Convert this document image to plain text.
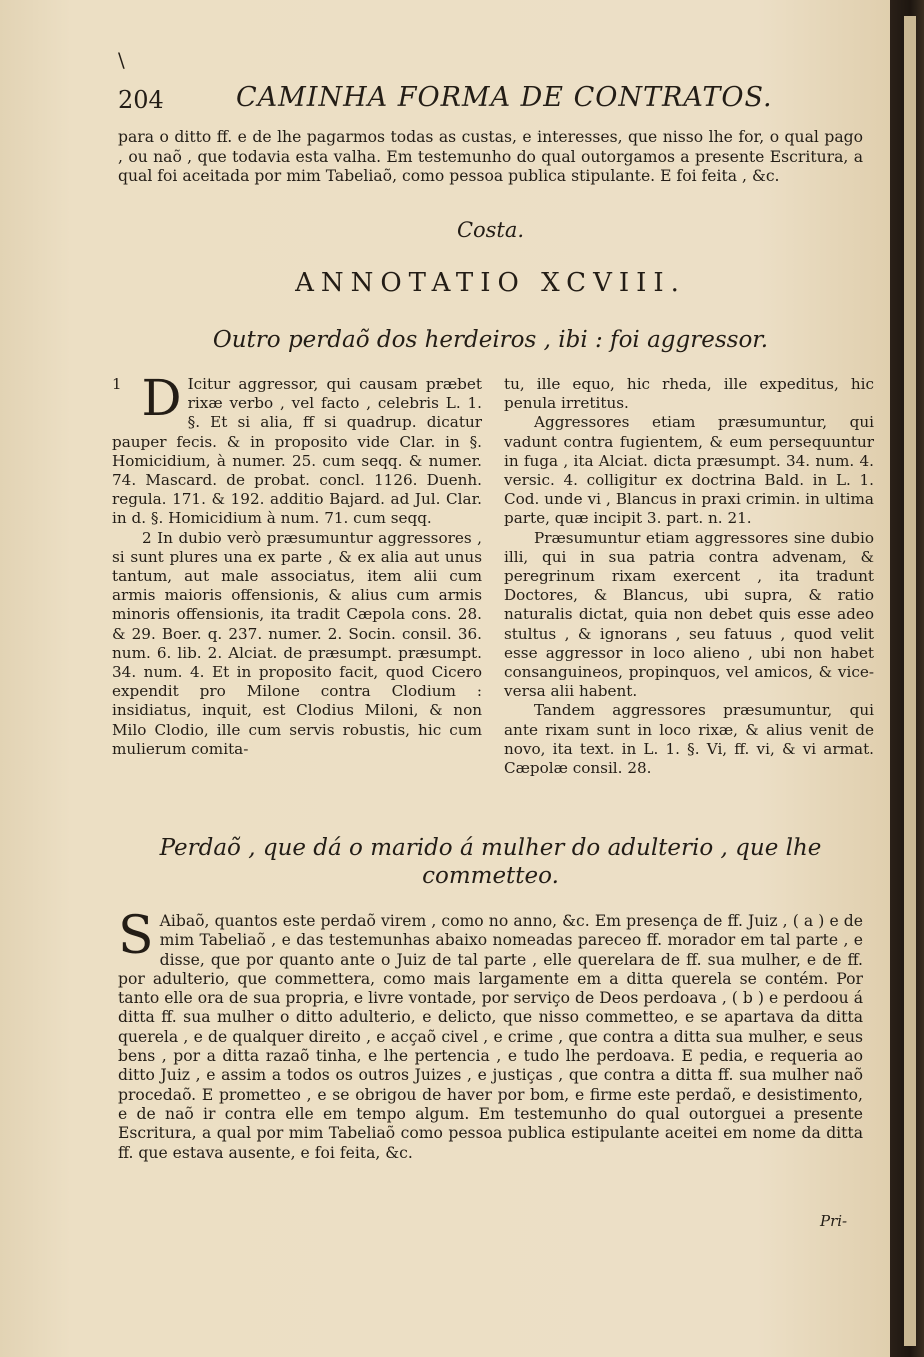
204	CAMINHA FORMA DE CONTRATOS.
\

para o ditto ff. e de lhe pagarmos todas as custas, e interesses, que nisso lhe for, o qual pago , ou naõ , que todavia esta valha. Em testemunho do qual outorgamos a presente Escritura, a qual foi aceitada por mim Tabeliaõ, como pessoa publica stipulante. E foi feita , &c.

Costa.
ANNOTATIO XCVIII.
Outro perdaõ dos herdeiros , ibi : foi aggressor.

1 D Icitur aggressor, qui causam præbet rixæ verbo , vel facto , celebris L. 1. §. Et si alia, ff si quadrup. dicatur pauper fecis. & in proposito vide Clar. in §. Homicidium, à numer. 25. cum seqq. & numer. 74. Mascard. de probat. concl. 1126. Duenh. regula. 171. & 192. additio Bajard. ad Jul. Clar. in d. §. Homicidium à num. 71. cum seqq.

2 In dubio verò præsumuntur aggressores , si sunt plures una ex parte , & ex alia aut unus tantum, aut male associatus, item alii cum armis maioris offensionis, & alius cum armis minoris offensionis, ita tradit Cæpola cons. 28. & 29. Boer. q. 237. numer. 2. Socin. consil. 36. num. 6. lib. 2. Alciat. de præsumpt. præsumpt. 34. num. 4. Et in proposito facit, quod Cicero expendit pro Milone contra Clodium : insidiatus, inquit, est Clodius Miloni, & non Milo Clodio, ille cum servis robustis, hic cum mulierum comita-

tu, ille equo, hic rheda, ille expeditus, hic penula irretitus.

Aggressores etiam præsumuntur, qui vadunt contra fugientem, & eum persequuntur in fuga , ita Alciat. dicta præsumpt. 34. num. 4. versic. 4. colligitur ex doctrina Bald. in L. 1. Cod. unde vi , Blancus in praxi crimin. in ultima parte, quæ incipit 3. part. n. 21.

Præsumuntur etiam aggressores sine dubio illi, qui in sua patria contra advenam, & peregrinum rixam exercent , ita tradunt Doctores, & Blancus, ubi supra, & ratio naturalis dictat, quia non debet quis esse adeo stultus , & ignorans , seu fatuus , quod velit esse aggressor in loco alieno , ubi non habet consanguineos, propinquos, vel amicos, & vice-versa alii habent.

Tandem aggressores præsumuntur, qui ante rixam sunt in loco rixæ, & alius venit de novo, ita text. in L. 1. §. Vi, ff. vi, & vi armat. Cæpolæ consil. 28.

Perdaõ , que dá o marido á mulher do adulterio , que lhe commetteo.
S Aibaõ, quantos este perdaõ virem , como no anno, &c. Em presença de ff. Juiz , ( a ) e de mim Tabeliaõ , e das testemunhas abaixo nomeadas pareceo ff. morador em tal parte , e disse, que por quanto ante o Juiz de tal parte , elle querelara de ff. sua mulher, e de ff. por adulterio, que commettera, como mais largamente em a ditta querela se contém. Por tanto elle ora de sua propria, e livre vontade, por serviço de Deos perdoava , ( b ) e perdoou á ditta ff. sua mulher o ditto adulterio, e delicto, que nisso commetteo, e se apartava da ditta querela , e de qualquer direito , e acçaõ civel , e crime , que contra a ditta sua mulher, e seus bens , por a ditta razaõ tinha, e lhe pertencia , e tudo lhe perdoava. E pedia, e requeria ao ditto Juiz , e assim a todos os outros Juizes , e justiças , que contra a ditta ff. sua mulher naõ procedaõ. E prometteo , e se obrigou de haver por bom, e firme este perdaõ, e desistimento, e de naõ ir contra elle em tempo algum. Em testemunho do qual outorguei a presente Escritura, a qual por mim Tabeliaõ como pessoa publica estipulante aceitei em nome da ditta ff. que estava ausente, e foi feita, &c.
Pri-
